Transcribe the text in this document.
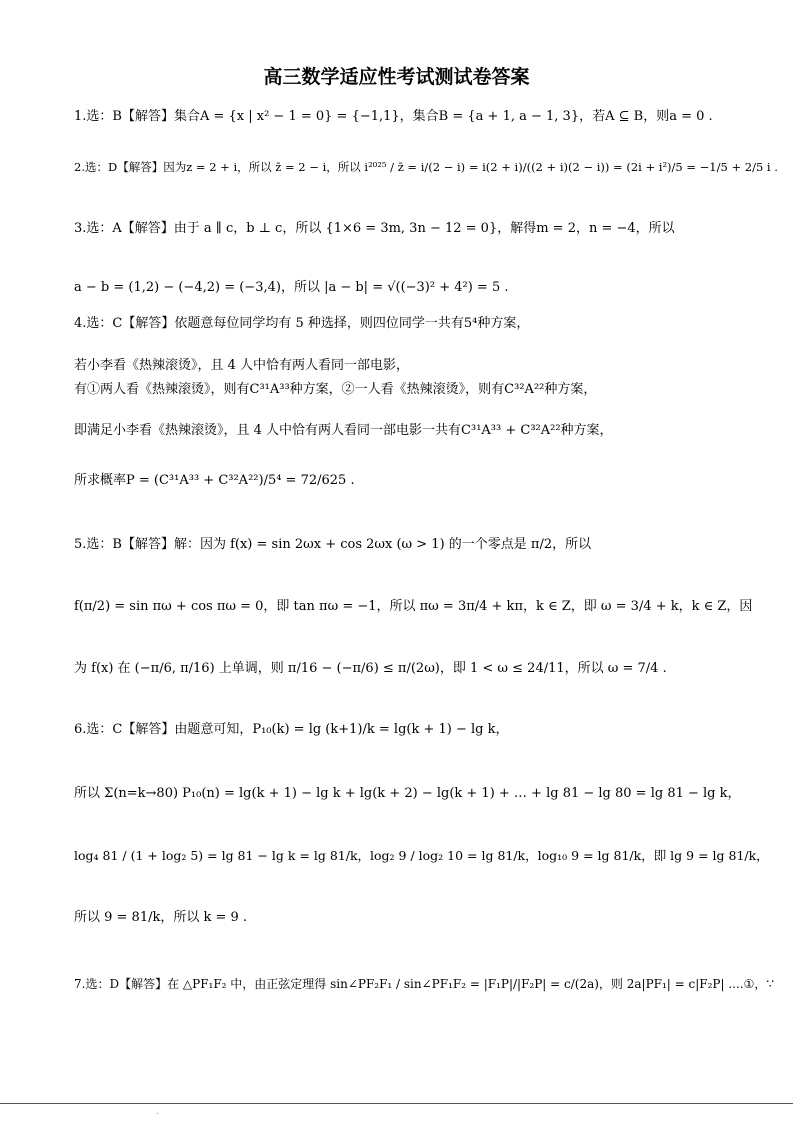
高三数学适应性考试测试卷答案
1.选：B【解答】集合A = {x | x² − 1 = 0} = {−1,1}，集合B = {a + 1, a − 1, 3}，若A ⊆ B，则a = 0 .
2.选：D【解答】因为z = 2 + i，所以 z̄ = 2 − i，所以 i²⁰²⁵ / z̄ = i/(2 − i) = i(2 + i)/((2 + i)(2 − i)) = (2i + i²)/5 = −1/5 + 2/5 i .
3.选：A【解答】由于 a ∥ c，b ⊥ c，所以 {1×6 = 3m, 3n − 12 = 0}，解得m = 2，n = −4，所以
a − b = (1,2) − (−4,2) = (−3,4)，所以 |a − b| = √((−3)² + 4²) = 5 .
4.选：C【解答】依题意每位同学均有 5 种选择，则四位同学一共有5⁴种方案，
若小李看《热辣滚烫》，且 4 人中恰有两人看同一部电影，
有①两人看《热辣滚烫》，则有C³¹A³³种方案，②一人看《热辣滚烫》，则有C³²A²²种方案，
即满足小李看《热辣滚烫》，且 4 人中恰有两人看同一部电影一共有C³¹A³³ + C³²A²²种方案，
所求概率P = (C³¹A³³ + C³²A²²)/5⁴ = 72/625 .
5.选：B【解答】解：因为 f(x) = sin 2ωx + cos 2ωx (ω > 1) 的一个零点是 π/2，所以
f(π/2) = sin πω + cos πω = 0，即 tan πω = −1，所以 πω = 3π/4 + kπ，k ∈ Z，即 ω = 3/4 + k，k ∈ Z，因
为 f(x) 在 (−π/6, π/16) 上单调，则 π/16 − (−π/6) ≤ π/(2ω)，即 1 < ω ≤ 24/11，所以 ω = 7/4 .
6.选：C【解答】由题意可知，P₁₀(k) = lg (k+1)/k = lg(k + 1) − lg k，
所以 Σ(n=k→80) P₁₀(n) = lg(k + 1) − lg k + lg(k + 2) − lg(k + 1) + … + lg 81 − lg 80 = lg 81 − lg k，
log₄ 81 / (1 + log₂ 5) = lg 81 − lg k = lg 81/k，log₂ 9 / log₂ 10 = lg 81/k，log₁₀ 9 = lg 81/k，即 lg 9 = lg 81/k，
所以 9 = 81/k，所以 k = 9 .
7.选：D【解答】在 △PF₁F₂ 中，由正弦定理得 sin∠PF₂F₁ / sin∠PF₁F₂ = |F₁P|/|F₂P| = c/(2a)，则 2a|PF₁| = c|F₂P| ....①，∵
.
